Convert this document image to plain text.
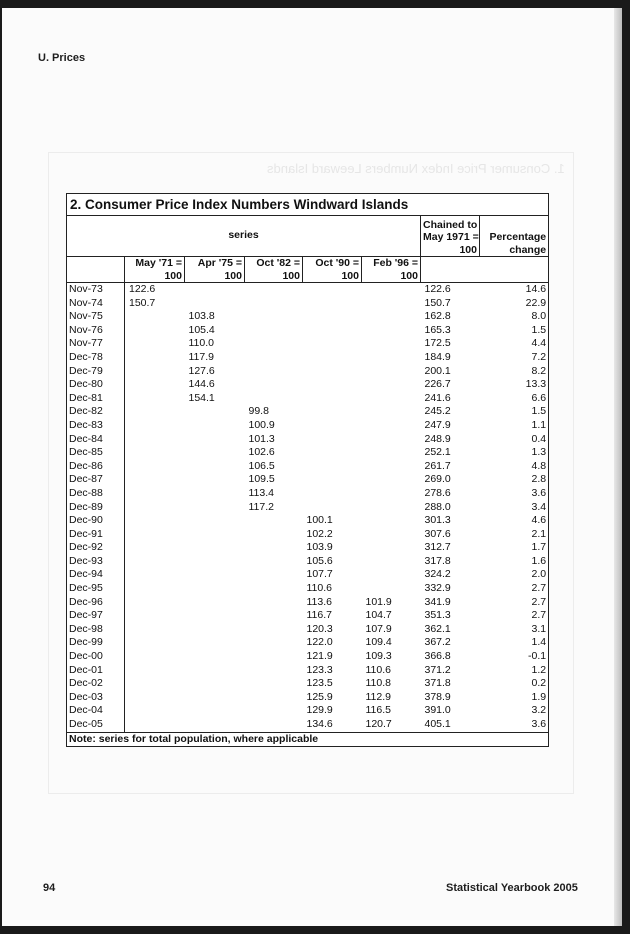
1. Consumer Price Index Numbers Leeward Islands
U. Prices
94	Statistical Yearbook 2005
2. Consumer Price Index Numbers Windward Islands							
series	
Chained to
May 1971 =
100

Percentage
change

May '71 =
100

Apr '75 =
100

Oct '82 =
100

Oct '90 =
100

Feb '96 =
100

Nov-73	122.6					122.6	14.6
Nov-74	150.7					150.7	22.9
Nov-75		103.8				162.8	8.0
Nov-76		105.4				165.3	1.5
Nov-77		110.0				172.5	4.4
Dec-78		117.9				184.9	7.2
Dec-79		127.6				200.1	8.2
Dec-80		144.6				226.7	13.3
Dec-81		154.1				241.6	6.6
Dec-82			99.8			245.2	1.5
Dec-83			100.9			247.9	1.1
Dec-84			101.3			248.9	0.4
Dec-85			102.6			252.1	1.3
Dec-86			106.5			261.7	4.8
Dec-87			109.5			269.0	2.8
Dec-88			113.4			278.6	3.6
Dec-89			117.2			288.0	3.4
Dec-90				100.1		301.3	4.6
Dec-91				102.2		307.6	2.1
Dec-92				103.9		312.7	1.7
Dec-93				105.6		317.8	1.6
Dec-94				107.7		324.2	2.0
Dec-95				110.6		332.9	2.7
Dec-96				113.6	101.9	341.9	2.7
Dec-97				116.7	104.7	351.3	2.7
Dec-98				120.3	107.9	362.1	3.1
Dec-99				122.0	109.4	367.2	1.4
Dec-00				121.9	109.3	366.8	-0.1
Dec-01				123.3	110.6	371.2	1.2
Dec-02				123.5	110.8	371.8	0.2
Dec-03				125.9	112.9	378.9	1.9
Dec-04				129.9	116.5	391.0	3.2
Dec-05				134.6	120.7	405.1	3.6
Note: series for total population, where applicable							
